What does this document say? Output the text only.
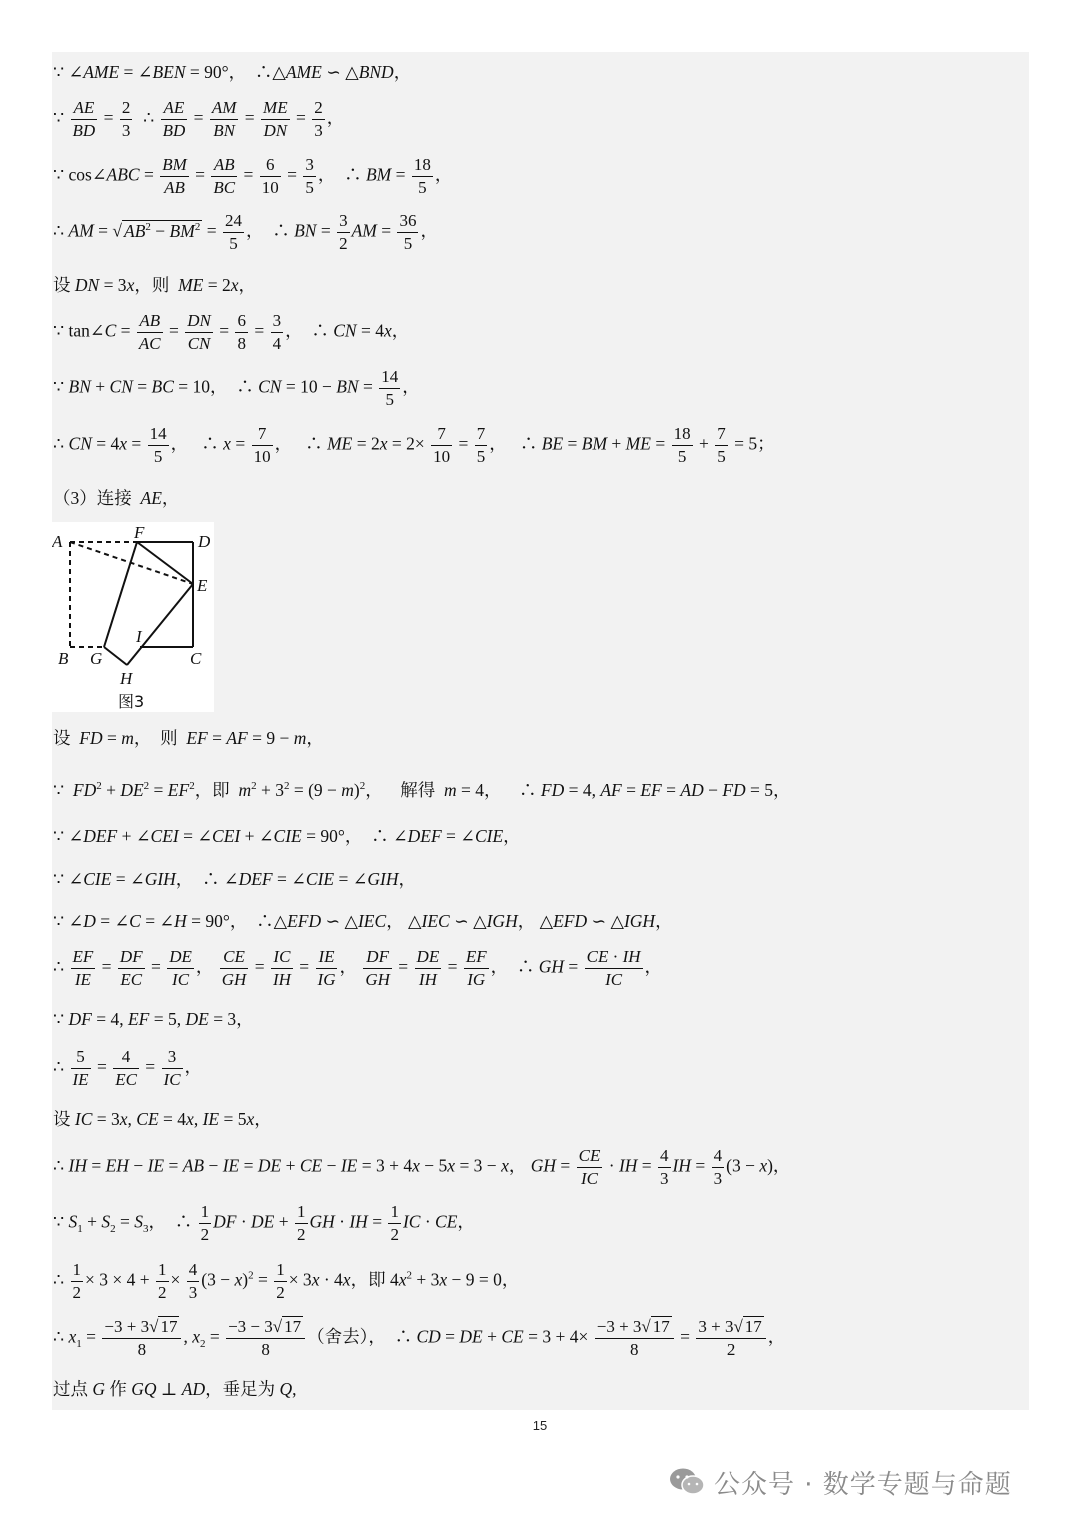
∵ ∠AME = ∠BEN = 90°，  ∴△AME ∽ △BND，
∵ $\frac{AE}{BD} = \frac{2}{3}$ ∴ $\frac{AE}{BD} = \frac{AM}{BN} = \frac{ME}{DN} = \frac{2}{3}$ ，
∵ cos∠ABC = $\frac{BM}{AB} = \frac{AB}{BC} = \frac{6}{10} = \frac{3}{5}$ ，  ∴ BM = $\frac{18}{5}$ ，
∴ AM = √ $AB^2 - BM^2 = \frac{24}{5}$ ，  ∴ BN = $\frac{3}{2}$ AM = $\frac{36}{5}$ ，
设 DN = 3x，则  ME = 2x，
∵ tan∠C = $\frac{AB}{AC} = \frac{DN}{CN} = \frac{6}{8} = \frac{3}{4}$ ，  ∴ CN = 4x，
∵ BN + CN = BC = 10，  ∴ CN = 10 − BN = $\frac{14}{5}$ ，
∴ CN = $4x = \frac{14}{5}$ ，   ∴ $x = \frac{7}{10}$ ，   ∴ ME = $2x = 2\times \frac{7}{10} = \frac{7}{5}$ ，   ∴ BE = BM + ME = $\frac{18}{5} + \frac{7}{5} = 5$；
（3）连接  AE，
A	F	D
E
I
B G	C
H
图3
设  FD = m，  则  EF = AF = 9 − m，
∵  $FD^2 + DE^2 = EF^2$，即  $m^2 + 3^2 = (9 - m)^2$，    解得  m = 4，    ∴ FD = 4, AF = EF = AD − FD = 5，
∵ ∠DEF + ∠CEI = ∠CEI + ∠CIE = 90°，  ∴ ∠DEF = ∠CIE，
∵ ∠CIE = ∠GIH，  ∴ ∠DEF = ∠CIE = ∠GIH，
∵ ∠D = ∠C = ∠H = 90°，  ∴△EFD ∽ △IEC， △IEC ∽ △IGH， △EFD ∽ △IGH，
∴ $\frac{EF}{IE} = \frac{DF}{EC} = \frac{DE}{IC}$ ， $\frac{CE}{GH} = \frac{IC}{IH} = \frac{IE}{IG}$ ， $\frac{DF}{GH} = \frac{DE}{IH} = \frac{EF}{IG}$ ，  ∴ GH = $\frac{CE \cdot IH}{IC}$ ，
∵ DF = 4, EF = 5, DE = 3，
∴ $\frac{5}{IE} = \frac{4}{EC} = \frac{3}{IC}$ ，
设 IC = 3x, CE = 4x, IE = 5x，
∴ IH = EH − IE = AB − IE = DE + CE − IE = 3 + 4x − 5x = 3 − x， GH = $\frac{CE}{IC}$ · IH = $\frac{4}{3}$ IH = $\frac{4}{3} (3 - x)$，
∵ $S_1 + S_2 = S_3$，  ∴ $\frac{1}{2}$ DF · DE + $\frac{1}{2}$ GH · IH = $\frac{1}{2}$ IC · CE，
∴ $\frac{1}{2} \times 3 \times 4 + \frac{1}{2} \times \frac{4}{3} (3 - x)^2 = \frac{1}{2} \times 3x \cdot 4x$，即 $4x^2 + 3x - 9 = 0$，
∴ $x_1 = \frac{-3 + 3√ 17}{8}$ , $x_2 = \frac{-3 - 3√ 17}{8}$ （舍去），  ∴ CD = DE + CE = $3 + 4\times \frac{-3 + 3√ 17}{8} = \frac{3 + 3√ 17}{2}$ ，
过点 G 作 GQ ⊥ AD，垂足为 Q,
15
公众号 · 数学专题与命题
